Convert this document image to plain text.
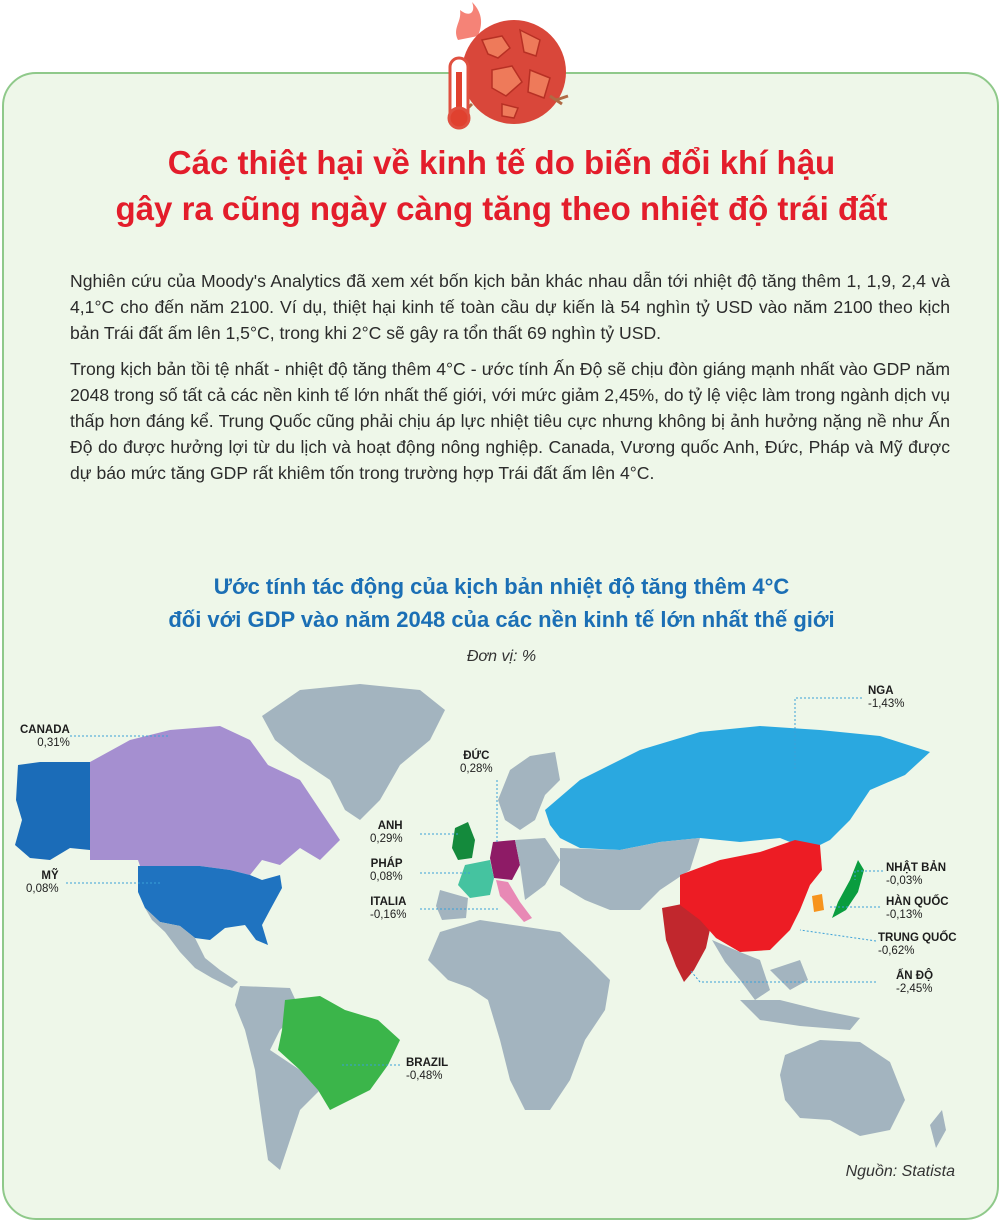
Các thiệt hại về kinh tế do biến đổi khí hậu
gây ra cũng ngày càng tăng theo nhiệt độ trái đất

Nghiên cứu của Moody's Analytics đã xem xét bốn kịch bản khác nhau dẫn tới nhiệt độ tăng thêm 1, 1,9, 2,4 và 4,1°C cho đến năm 2100. Ví dụ, thiệt hại kinh tế toàn cầu dự kiến là 54 nghìn tỷ USD vào năm 2100 theo kịch bản Trái đất ấm lên 1,5°C, trong khi 2°C sẽ gây ra tổn thất 69 nghìn tỷ USD.

Trong kịch bản tồi tệ nhất - nhiệt độ tăng thêm 4°C - ước tính Ấn Độ sẽ chịu đòn giáng mạnh nhất vào GDP năm 2048 trong số tất cả các nền kinh tế lớn nhất thế giới, với mức giảm 2,45%, do tỷ lệ việc làm trong ngành dịch vụ thấp hơn đáng kể. Trung Quốc cũng phải chịu áp lực nhiệt tiêu cực nhưng không bị ảnh hưởng nặng nề như Ấn Độ do được hưởng lợi từ du lịch và hoạt động nông nghiệp. Canada, Vương quốc Anh, Đức, Pháp và Mỹ được dự báo mức tăng GDP rất khiêm tốn trong trường hợp Trái đất ấm lên 4°C.

Ước tính tác động của kịch bản nhiệt độ tăng thêm 4°C
đối với GDP vào năm 2048 của các nền kinh tế lớn nhất thế giới
Đơn vị: %
CANADA
0,31%
MỸ
0,08%
ANH
0,29%
PHÁP
0,08%
ITALIA
-0,16%
ĐỨC
0,28%
NGA
-1,43%
NHẬT BẢN
-0,03%
HÀN QUỐC
-0,13%
TRUNG QUỐC
-0,62%
ẤN ĐỘ
-2,45%
BRAZIL
-0,48%
Nguồn: Statista
